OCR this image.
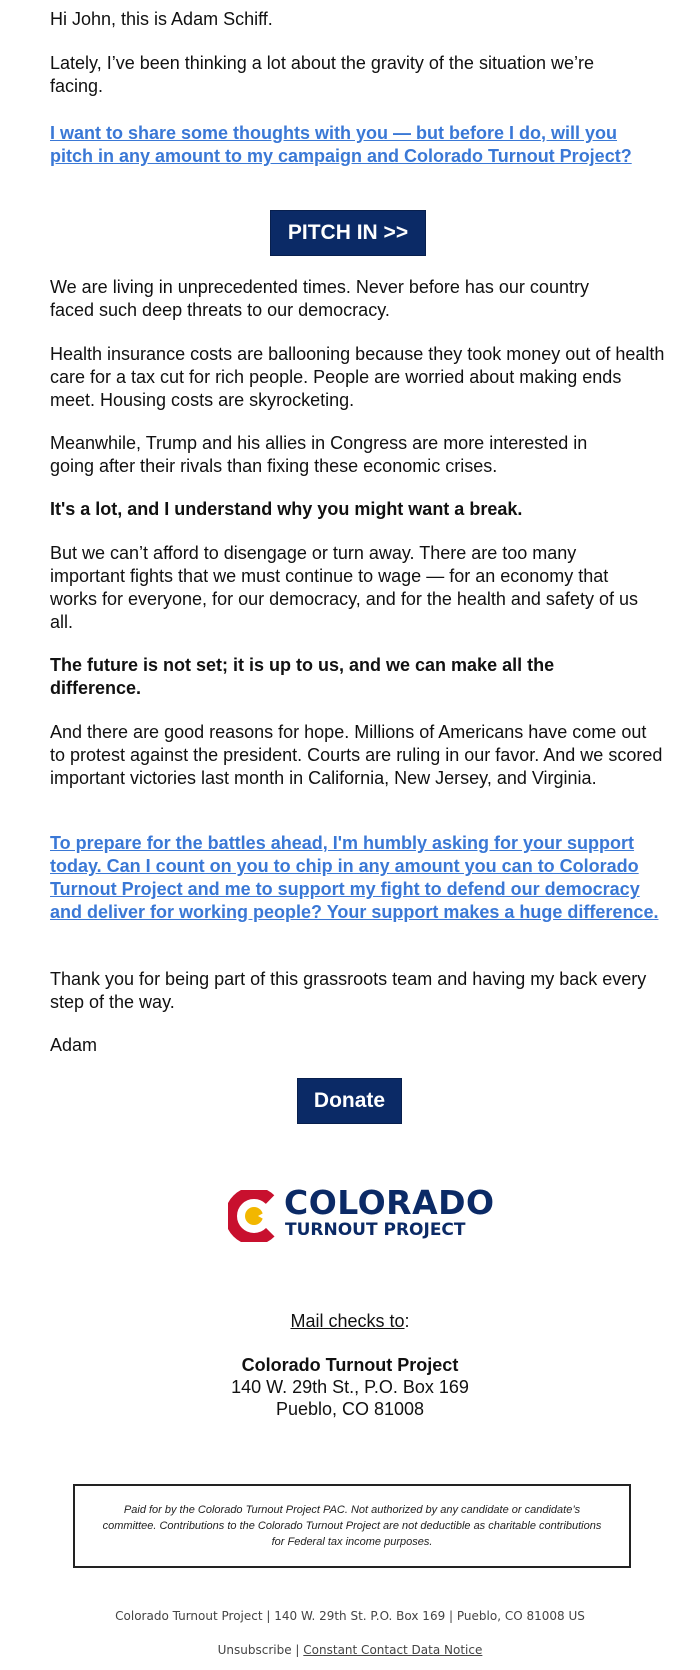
Hi John, this is Adam Schiff.

Lately, I’ve been thinking a lot about the gravity of the situation we’re facing.

I want to share some thoughts with you — but before I do, will you pitch in any amount to my campaign and Colorado Turnout Project?

We are living in unprecedented times. Never before has our country faced such deep threats to our democracy.

Health insurance costs are ballooning because they took money out of health care for a tax cut for rich people. People are worried about making ends meet. Housing costs are skyrocketing.

Meanwhile, Trump and his allies in Congress are more interested in going after their rivals than fixing these economic crises.

It's a lot, and I understand why you might want a break.

But we can’t afford to disengage or turn away. There are too many important fights that we must continue to wage — for an economy that works for everyone, for our democracy, and for the health and safety of us all.

The future is not set; it is up to us, and we can make all the difference.

And there are good reasons for hope. Millions of Americans have come out to protest against the president. Courts are ruling in our favor. And we scored important victories last month in California, New Jersey, and Virginia.

To prepare for the battles ahead, I'm humbly asking for your support today. Can I count on you to chip in any amount you can to Colorado Turnout Project and me to support my fight to defend our democracy and deliver for working people? Your support makes a huge difference.

Thank you for being part of this grassroots team and having my back every step of the way.

Adam

PITCH IN >>
Donate
COLORADO
TURNOUT PROJECT
Mail checks to:
Colorado Turnout Project
140 W. 29th St., P.O. Box 169
Pueblo, CO 81008
Paid for by the Colorado Turnout Project PAC. Not authorized by any candidate or candidate’s committee. Contributions to the Colorado Turnout Project are not deductible as charitable contributions for Federal tax income purposes.
Colorado Turnout Project | 140 W. 29th St. P.O. Box 169 | Pueblo, CO 81008 US
Unsubscribe | Constant Contact Data Notice
